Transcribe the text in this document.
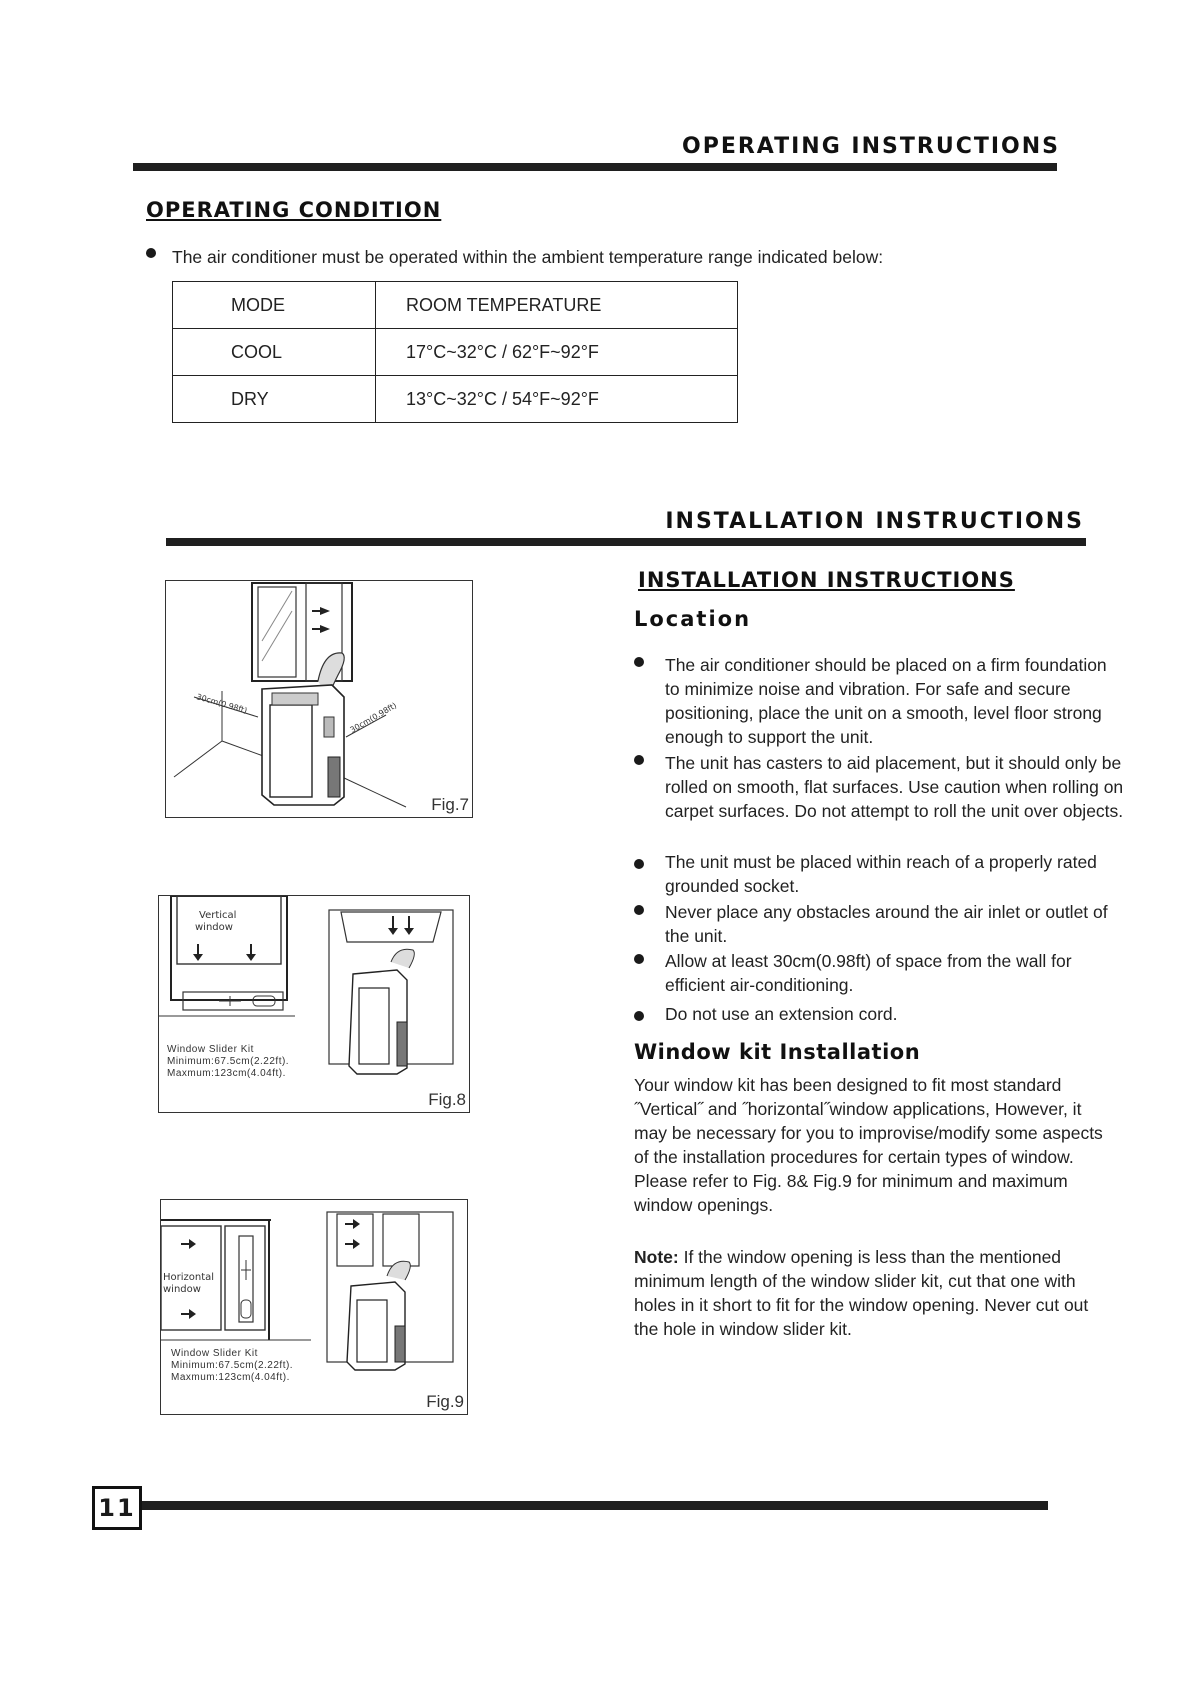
OPERATING INSTRUCTIONS
OPERATING CONDITION
The air conditioner must be operated within the ambient temperature range indicated below:
MODE	ROOM TEMPERATURE
COOL	17°C~32°C / 62°F~92°F
DRY	13°C~32°C / 54°F~92°F
INSTALLATION INSTRUCTIONS
INSTALLATION INSTRUCTIONS
Location
The air conditioner should be placed on a firm foundation to minimize noise and vibration. For safe and secure positioning, place the unit on a smooth, level floor strong enough to support the unit.
The unit has casters to aid placement, but it should only be rolled on smooth, flat surfaces. Use caution when rolling on carpet surfaces. Do not attempt to roll the unit over objects.
The unit must be placed within reach of a properly rated grounded socket.
Never place any obstacles around the air inlet or outlet of the unit.
Allow at least 30cm(0.98ft) of space from the wall for efficient air-conditioning.
Do not use an extension cord.
Window kit Installation
Your window kit has been designed to fit most standard ˝Vertical˝ and ˝horizontal˝window applications, However, it may be necessary for you to improvise/modify some aspects of the installation procedures for certain types of window. Please refer to Fig. 8& Fig.9 for minimum and maximum window openings.
Note: If the window opening is less than the mentioned minimum length of the window slider kit, cut that one with holes in it short to fit for the window opening. Never cut out the hole in window slider kit.
30cm(0.98ft)	30cm(0.98ft)
Fig.7
Vertical
window
Window Slider Kit
Minimum:67.5cm(2.22ft).
Maxmum:123cm(4.04ft).
Fig.8
Horizontal
window
Window Slider Kit
Minimum:67.5cm(2.22ft).
Maxmum:123cm(4.04ft).
Fig.9
11
